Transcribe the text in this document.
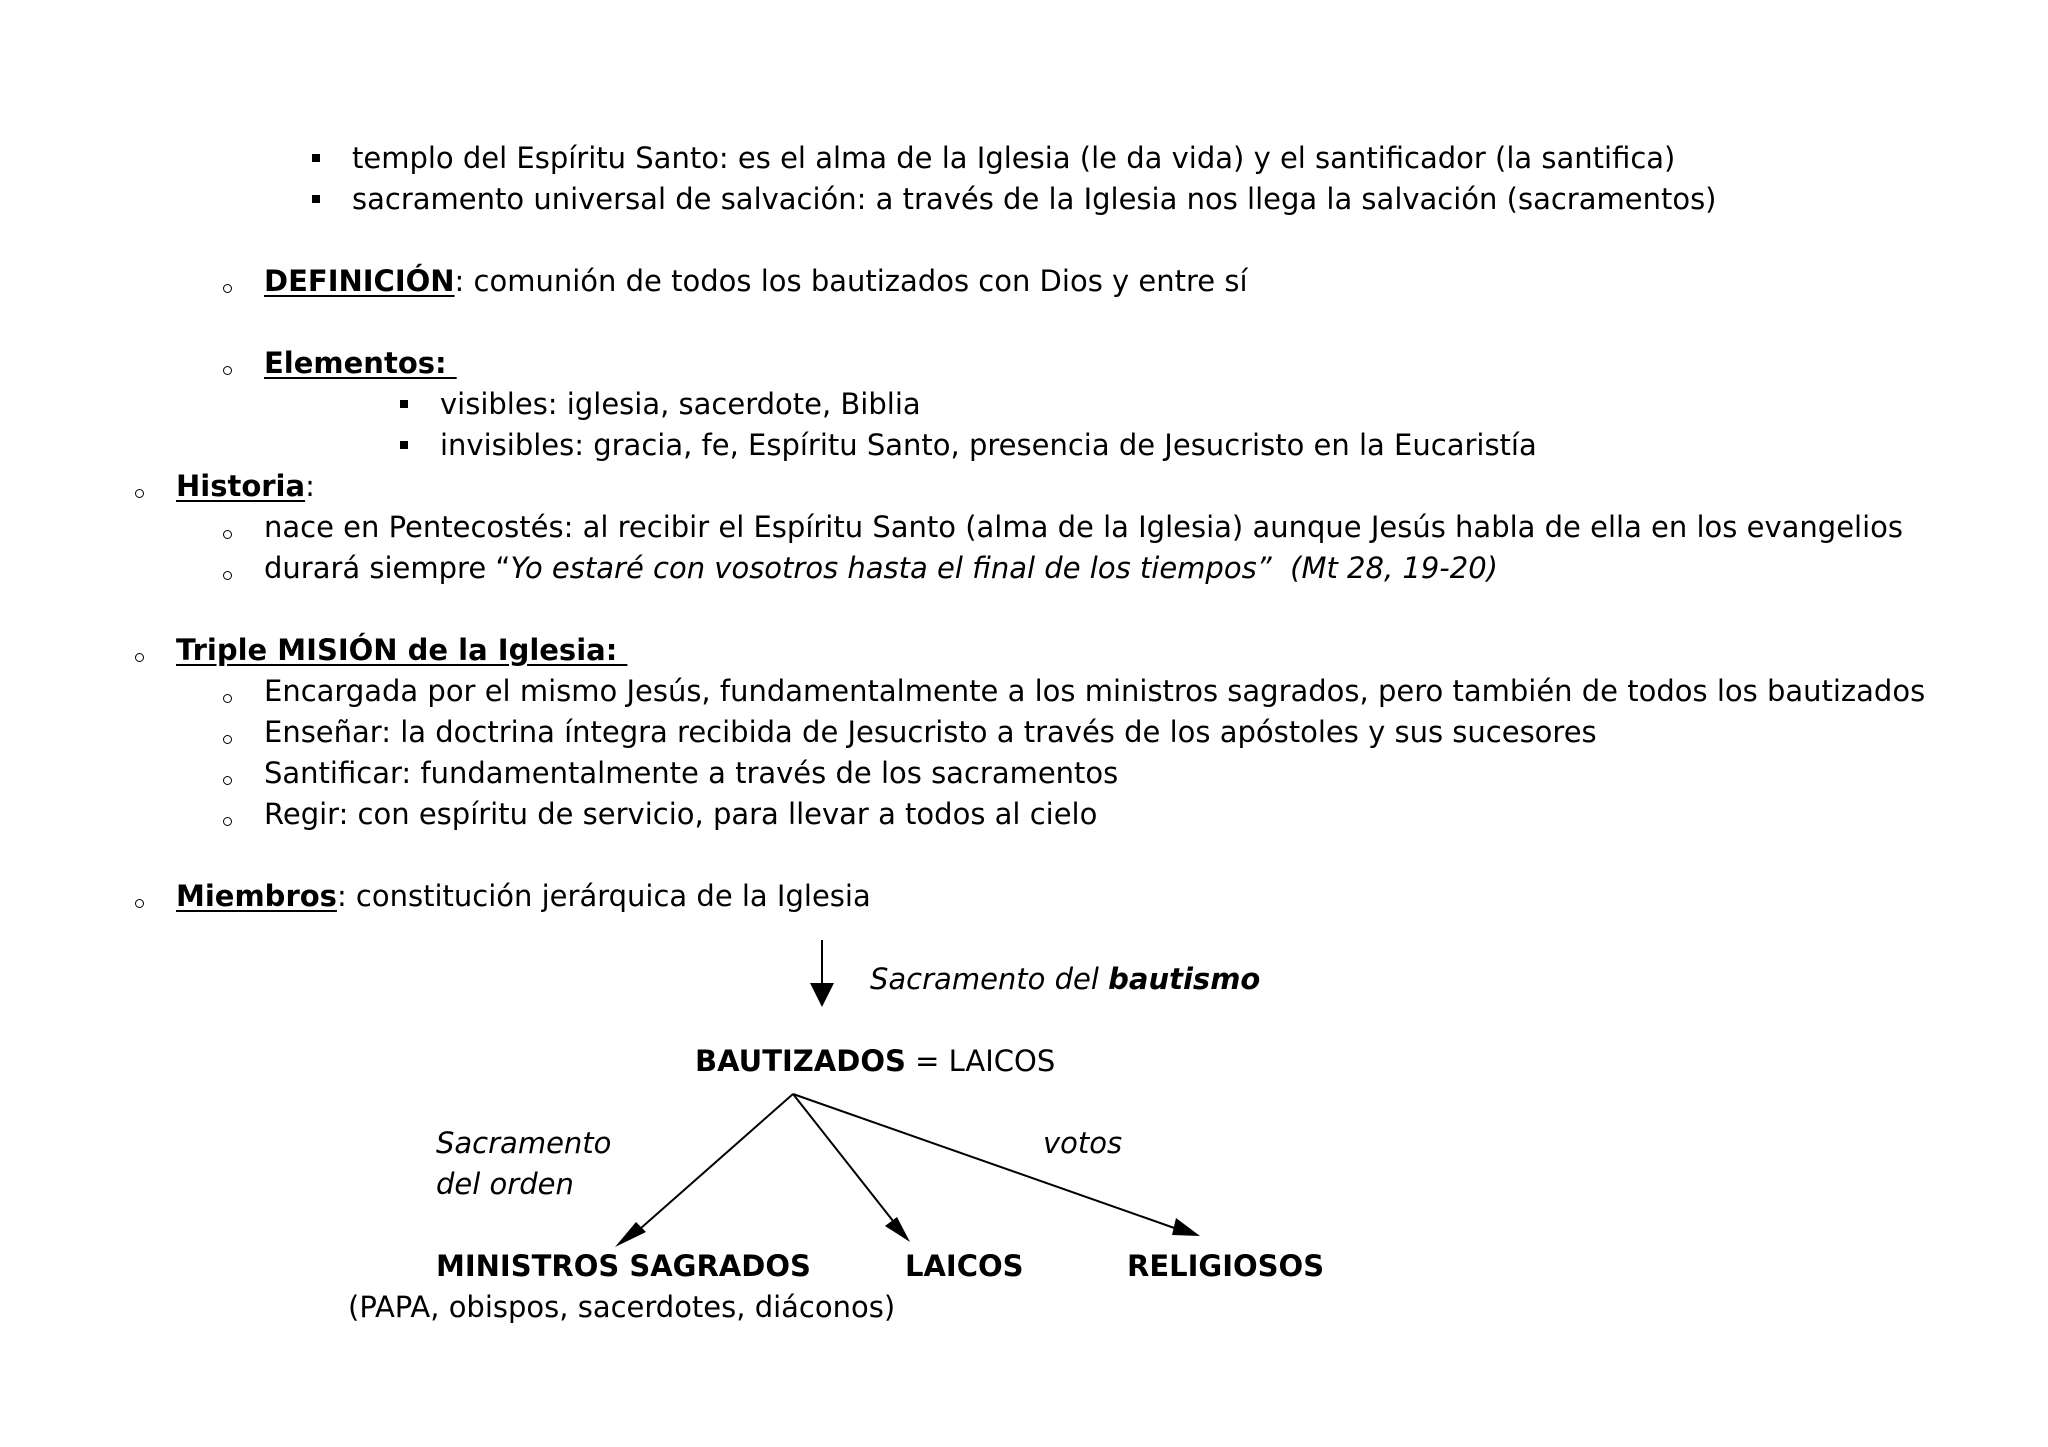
templo del Espíritu Santo: es el alma de la Iglesia (le da vida) y el santificador (la santifica)
sacramento universal de salvación: a través de la Iglesia nos llega la salvación (sacramentos)
DEFINICIÓN: comunión de todos los bautizados con Dios y entre sí
Elementos:
visibles: iglesia, sacerdote, Biblia
invisibles: gracia, fe, Espíritu Santo, presencia de Jesucristo en la Eucaristía
Historia:
nace en Pentecostés: al recibir el Espíritu Santo (alma de la Iglesia) aunque Jesús habla de ella en los evangelios
durará siempre “Yo estaré con vosotros hasta el final de los tiempos”  (Mt 28, 19-20)
Triple MISIÓN de la Iglesia:
Encargada por el mismo Jesús, fundamentalmente a los ministros sagrados, pero también de todos los bautizados
Enseñar: la doctrina íntegra recibida de Jesucristo a través de los apóstoles y sus sucesores
Santificar: fundamentalmente a través de los sacramentos
Regir: con espíritu de servicio, para llevar a todos al cielo
Miembros: constitución jerárquica de la Iglesia
Sacramento del bautismo
BAUTIZADOS = LAICOS
Sacramento
del orden
votos
MINISTROS SAGRADOS
(PAPA, obispos, sacerdotes, diáconos)
LAICOS	RELIGIOSOS
